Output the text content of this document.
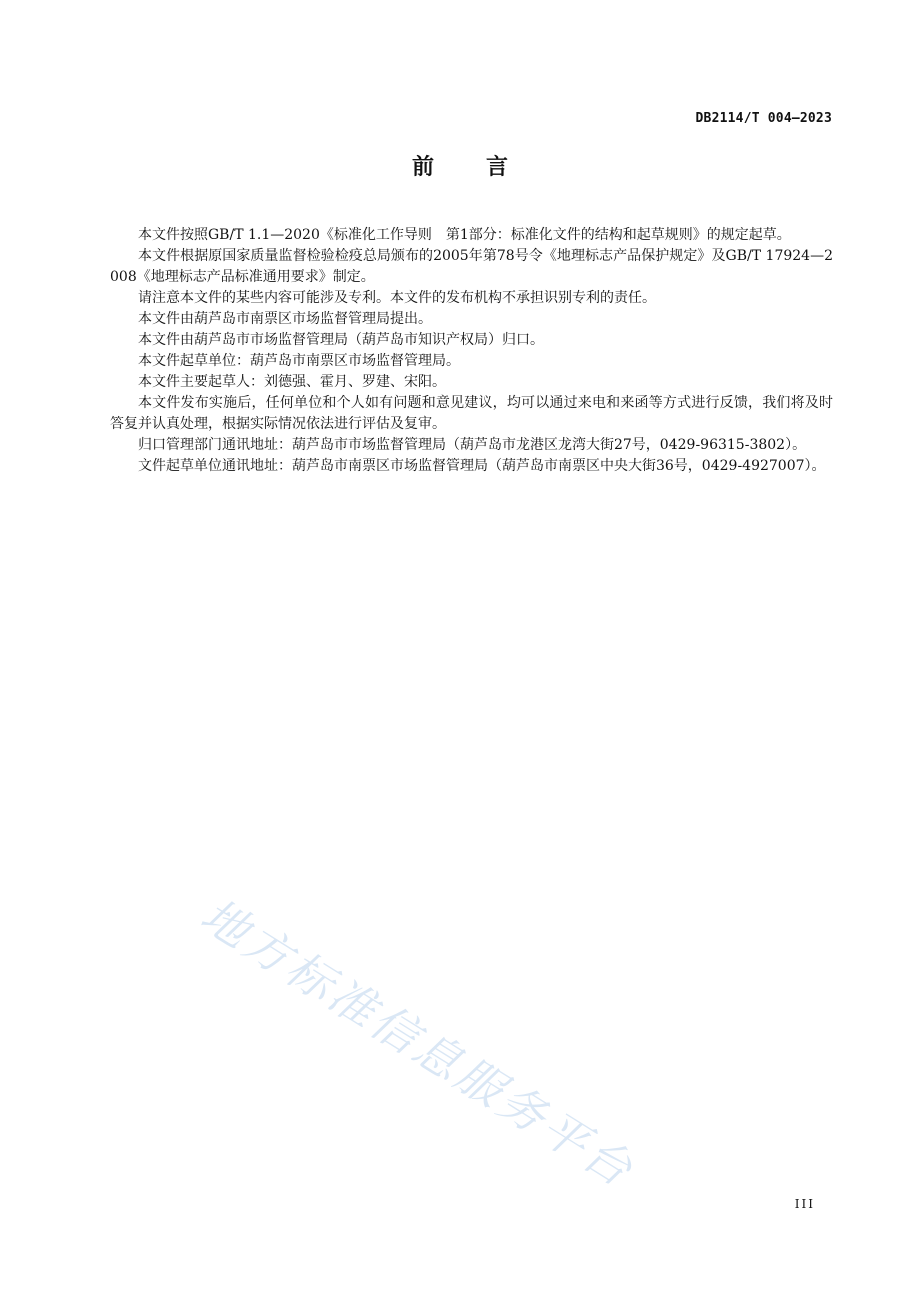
DB2114/T 004—2023
前言

本文件按照GB/T 1.1—2020《标准化工作导则　第1部分：标准化文件的结构和起草规则》的规定起草。

本文件根据原国家质量监督检验检疫总局颁布的2005年第78号令《地理标志产品保护规定》及GB/T 17924—2008《地理标志产品标准通用要求》制定。

请注意本文件的某些内容可能涉及专利。本文件的发布机构不承担识别专利的责任。

本文件由葫芦岛市南票区市场监督管理局提出。

本文件由葫芦岛市市场监督管理局（葫芦岛市知识产权局）归口。

本文件起草单位：葫芦岛市南票区市场监督管理局。

本文件主要起草人：刘德强、霍月、罗建、宋阳。

本文件发布实施后，任何单位和个人如有问题和意见建议，均可以通过来电和来函等方式进行反馈，我们将及时答复并认真处理，根据实际情况依法进行评估及复审。

归口管理部门通讯地址：葫芦岛市市场监督管理局（葫芦岛市龙港区龙湾大街27号，0429-96315-3802）。

文件起草单位通讯地址：葫芦岛市南票区市场监督管理局（葫芦岛市南票区中央大街36号，0429-4927007）。

地方标准信息服务平台
III
